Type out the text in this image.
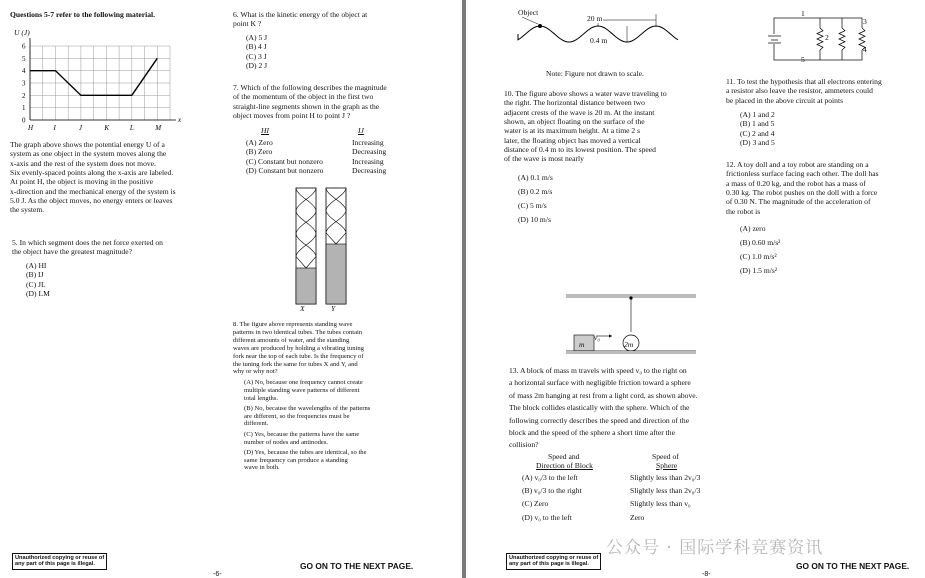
Questions 5-7 refer to the following material.
6
5
4
3
2
1
0
H	I	J	K	L	M
x
U (J)
X	Y
Unauthorized copying or reuse of
any part of this page is illegal.	GO ON TO THE NEXT PAGE.
-6-
The graph above shows the potential energy U of a
system as one object in the system moves along the
x-axis and the rest of the system does not move.
Six evenly-spaced points along the x-axis are labeled.
At point H, the object is moving in the positive
x-direction and the mechanical energy of the system is
5.0 J. As the object moves, no energy enters or leaves
the system.
5. In which segment does the net force exerted on
the object have the greatest magnitude?
(A) HI
(B) IJ
(C) JL
(D) LM
6. What is the kinetic energy of the object at
point K ?
(A) 5 J
(B) 4 J
(C) 3 J
(D) 2 J
7. Which of the following describes the magnitude
of the momentum of the object in the first two
straight-line segments shown in the graph as the
object moves from point H to point J ?
HI	IJ
(A) Zero	Increasing
(B) Zero	Decreasing
(C) Constant but nonzero	Increasing
(D) Constant but nonzero	Decreasing
8. The figure above represents standing wave
patterns in two identical tubes. The tubes contain
different amounts of water, and the standing
waves are produced by holding a vibrating tuning
fork near the top of each tube. Is the frequency of
the tuning fork the same for tubes X and Y, and
why or why not?
(A) No, because one frequency cannot create
multiple standing wave patterns of different
total lengths.
(B) No, because the wavelengths of the patterns
are different, so the frequencies must be
different.
(C) Yes, because the patterns have the same
number of nodes and antinodes.
(D) Yes, because the tubes are identical, so the
same frequency can produce a standing
wave in both.
Object
20 m
0.4 m
Note: Figure not drawn to scale.
1
2
3
4
5
m
v₀
2m
Unauthorized copying or reuse of
any part of this page is illegal.	GO ON TO THE NEXT PAGE.
-8-
10. The figure above shows a water wave traveling to
the right. The horizontal distance between two
adjacent crests of the wave is 20 m. At the instant
shown, an object floating on the surface of the
water is at its maximum height. At a time 2 s
later, the floating object has moved a vertical
distance of 0.4 m to its lowest position. The speed
of the wave is most nearly
(A) 0.1 m/s
(B) 0.2 m/s
(C) 5 m/s
(D) 10 m/s
11. To test the hypothesis that all electrons entering
a resistor also leave the resistor, ammeters could
be placed in the above circuit at points
(A) 1 and 2
(B) 1 and 5
(C) 2 and 4
(D) 3 and 5
12. A toy doll and a toy robot are standing on a
frictionless surface facing each other. The doll has
a mass of 0.20 kg, and the robot has a mass of
0.30 kg. The robot pushes on the doll with a force
of 0.30 N. The magnitude of the acceleration of
the robot is
(A) zero
(B) 0.60 m/s²
(C) 1.0 m/s²
(D) 1.5 m/s²
13. A block of mass m travels with speed v₀ to the right on
a horizontal surface with negligible friction toward a sphere
of mass 2m hanging at rest from a light cord, as shown above.
The block collides elastically with the sphere. Which of the
following correctly describes the speed and direction of the
block and the speed of the sphere a short time after the
collision?
Speed and
Direction of Block
Speed of
Sphere
(A) v₀/3 to the left	Slightly less than 2v₀/3
(B) v₀/3 to the right	Slightly less than 2v₀/3
(C) Zero	Slightly less than v₀
(D) v₀ to the left	Zero
公众号 · 国际学科竞赛资讯
